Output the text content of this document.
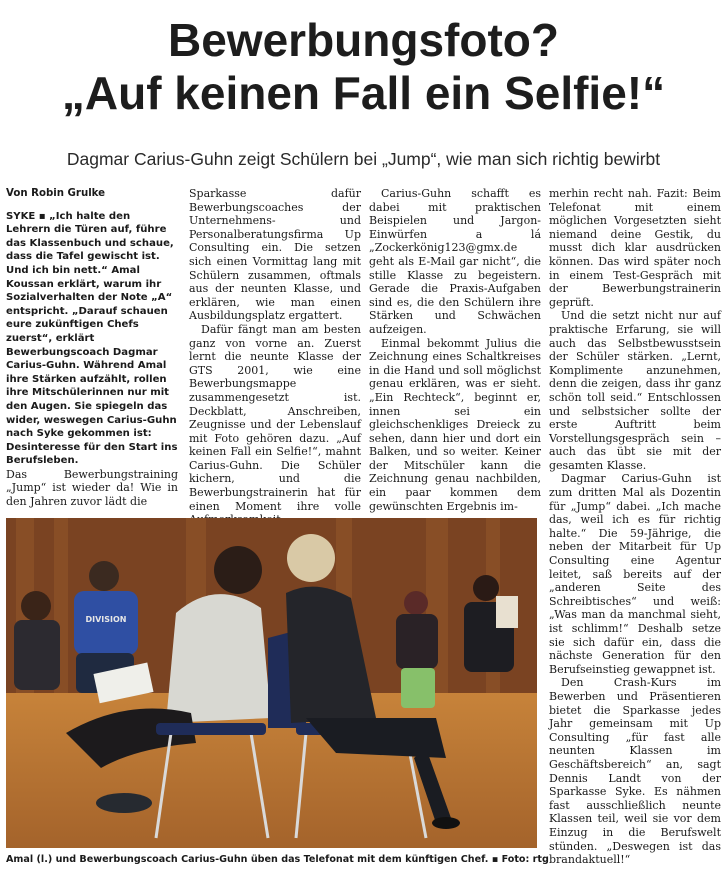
Bewerbungsfoto?
„Auf keinen Fall ein Selfie!“
Dagmar Carius-Guhn zeigt Schülern bei „Jump“, wie man sich richtig bewirbt
Von Robin Grulke

SYKE ▪ „Ich halte den Lehrern die Türen auf, führe das Klassenbuch und schaue, dass die Tafel gewischt ist. Und ich bin nett.“ Amal Koussan erklärt, warum ihr Sozialverhalten der Note „A“ entspricht. „Darauf schauen eure zukünftigen Chefs zuerst“, erklärt Bewerbungscoach Dagmar Carius-Guhn. Während Amal ihre Stärken aufzählt, rollen ihre Mitschülerinnen nur mit den Augen. Sie spiegeln das wider, weswegen Carius-Guhn nach Syke gekommen ist: Desinteresse für den Start ins Berufsleben.

Das Bewerbungstraining „Jump“ ist wieder da! Wie in den Jahren zuvor lädt die

Sparkasse dafür Bewerbungscoaches der Unternehmens- und Personalberatungsfirma Up Consulting ein. Die setzen sich einen Vormittag lang mit Schülern zusammen, oftmals aus der neunten Klasse, und erklären, wie man einen Ausbildungsplatz ergattert.

Dafür fängt man am besten ganz von vorne an. Zuerst lernt die neunte Klasse der GTS 2001, wie eine Bewerbungsmappe zusammengesetzt ist. Deckblatt, Anschreiben, Zeugnisse und der Lebenslauf mit Foto gehören dazu. „Auf keinen Fall ein Selfie!“, mahnt Carius-Guhn. Die Schüler kichern, und die Bewerbungstrainerin hat für einen Moment ihre volle

Carius-Guhn schafft es dabei mit praktischen Beispielen und Jargon-Einwürfen a lá „Zockerkönig123@gmx.de geht als E-Mail gar nicht“, die stille Klasse zu begeistern. Gerade die Praxis-Aufgaben sind es, die den Schülern ihre Stärken und Schwächen aufzeigen.

Einmal bekommt Julius die Zeichnung eines Schaltkreises in die Hand und soll möglichst genau erklären, was er sieht. „Ein Rechteck“, beginnt er, innen sei ein gleichschenkliges Dreieck zu sehen, dann hier und dort ein Balken, und so weiter. Keiner der Mitschüler kann die Zeichnung genau nachbilden, ein paar kommen dem gewünschten Ergebnis im-

merhin recht nah. Fazit: Beim Telefonat mit einem möglichen Vorgesetzten sieht niemand deine Gestik, du musst dich klar ausdrücken können. Das wird später noch in einem Test-Gespräch mit der Bewerbungstrainerin geprüft.

Und die setzt nicht nur auf praktische Erfarung, sie will auch das Selbstbewusstsein der Schüler stärken. „Lernt, Komplimente anzunehmen, denn die zeigen, dass ihr ganz schön toll seid.“ Entschlossen und selbstsicher sollte der erste Auftritt beim Vorstellungsgespräch sein – auch das übt sie mit der gesamten Klasse.

Dagmar Carius-Guhn ist zum dritten Mal als Dozentin für „Jump“ dabei. „Ich mache das, weil ich es für richtig halte.“ Die 59-Jährige, die neben der Mitarbeit für Up Consulting eine Agentur leitet, saß bereits auf der „anderen Seite des Schreibtisches“ und weiß: „Was man da manchmal sieht, ist schlimm!“ Deshalb setze sie sich dafür ein, dass die nächste Generation für den Berufseinstieg gewappnet ist.

Den Crash-Kurs im Bewerben und Präsentieren bietet die Sparkasse jedes Jahr gemeinsam mit Up Consulting „für fast alle neunten Klassen im Geschäftsbereich“ an, sagt Dennis Landt von der Sparkasse Syke. Es nähmen fast ausschließlich neunte Klassen teil, weil sie vor dem Einzug in die Berufswelt stünden. „Deswegen ist das brandaktuell!“

DIVISION
Amal (l.) und Bewerbungscoach Carius-Guhn üben das Telefonat mit dem künftigen Chef. ▪ Foto: rtg
